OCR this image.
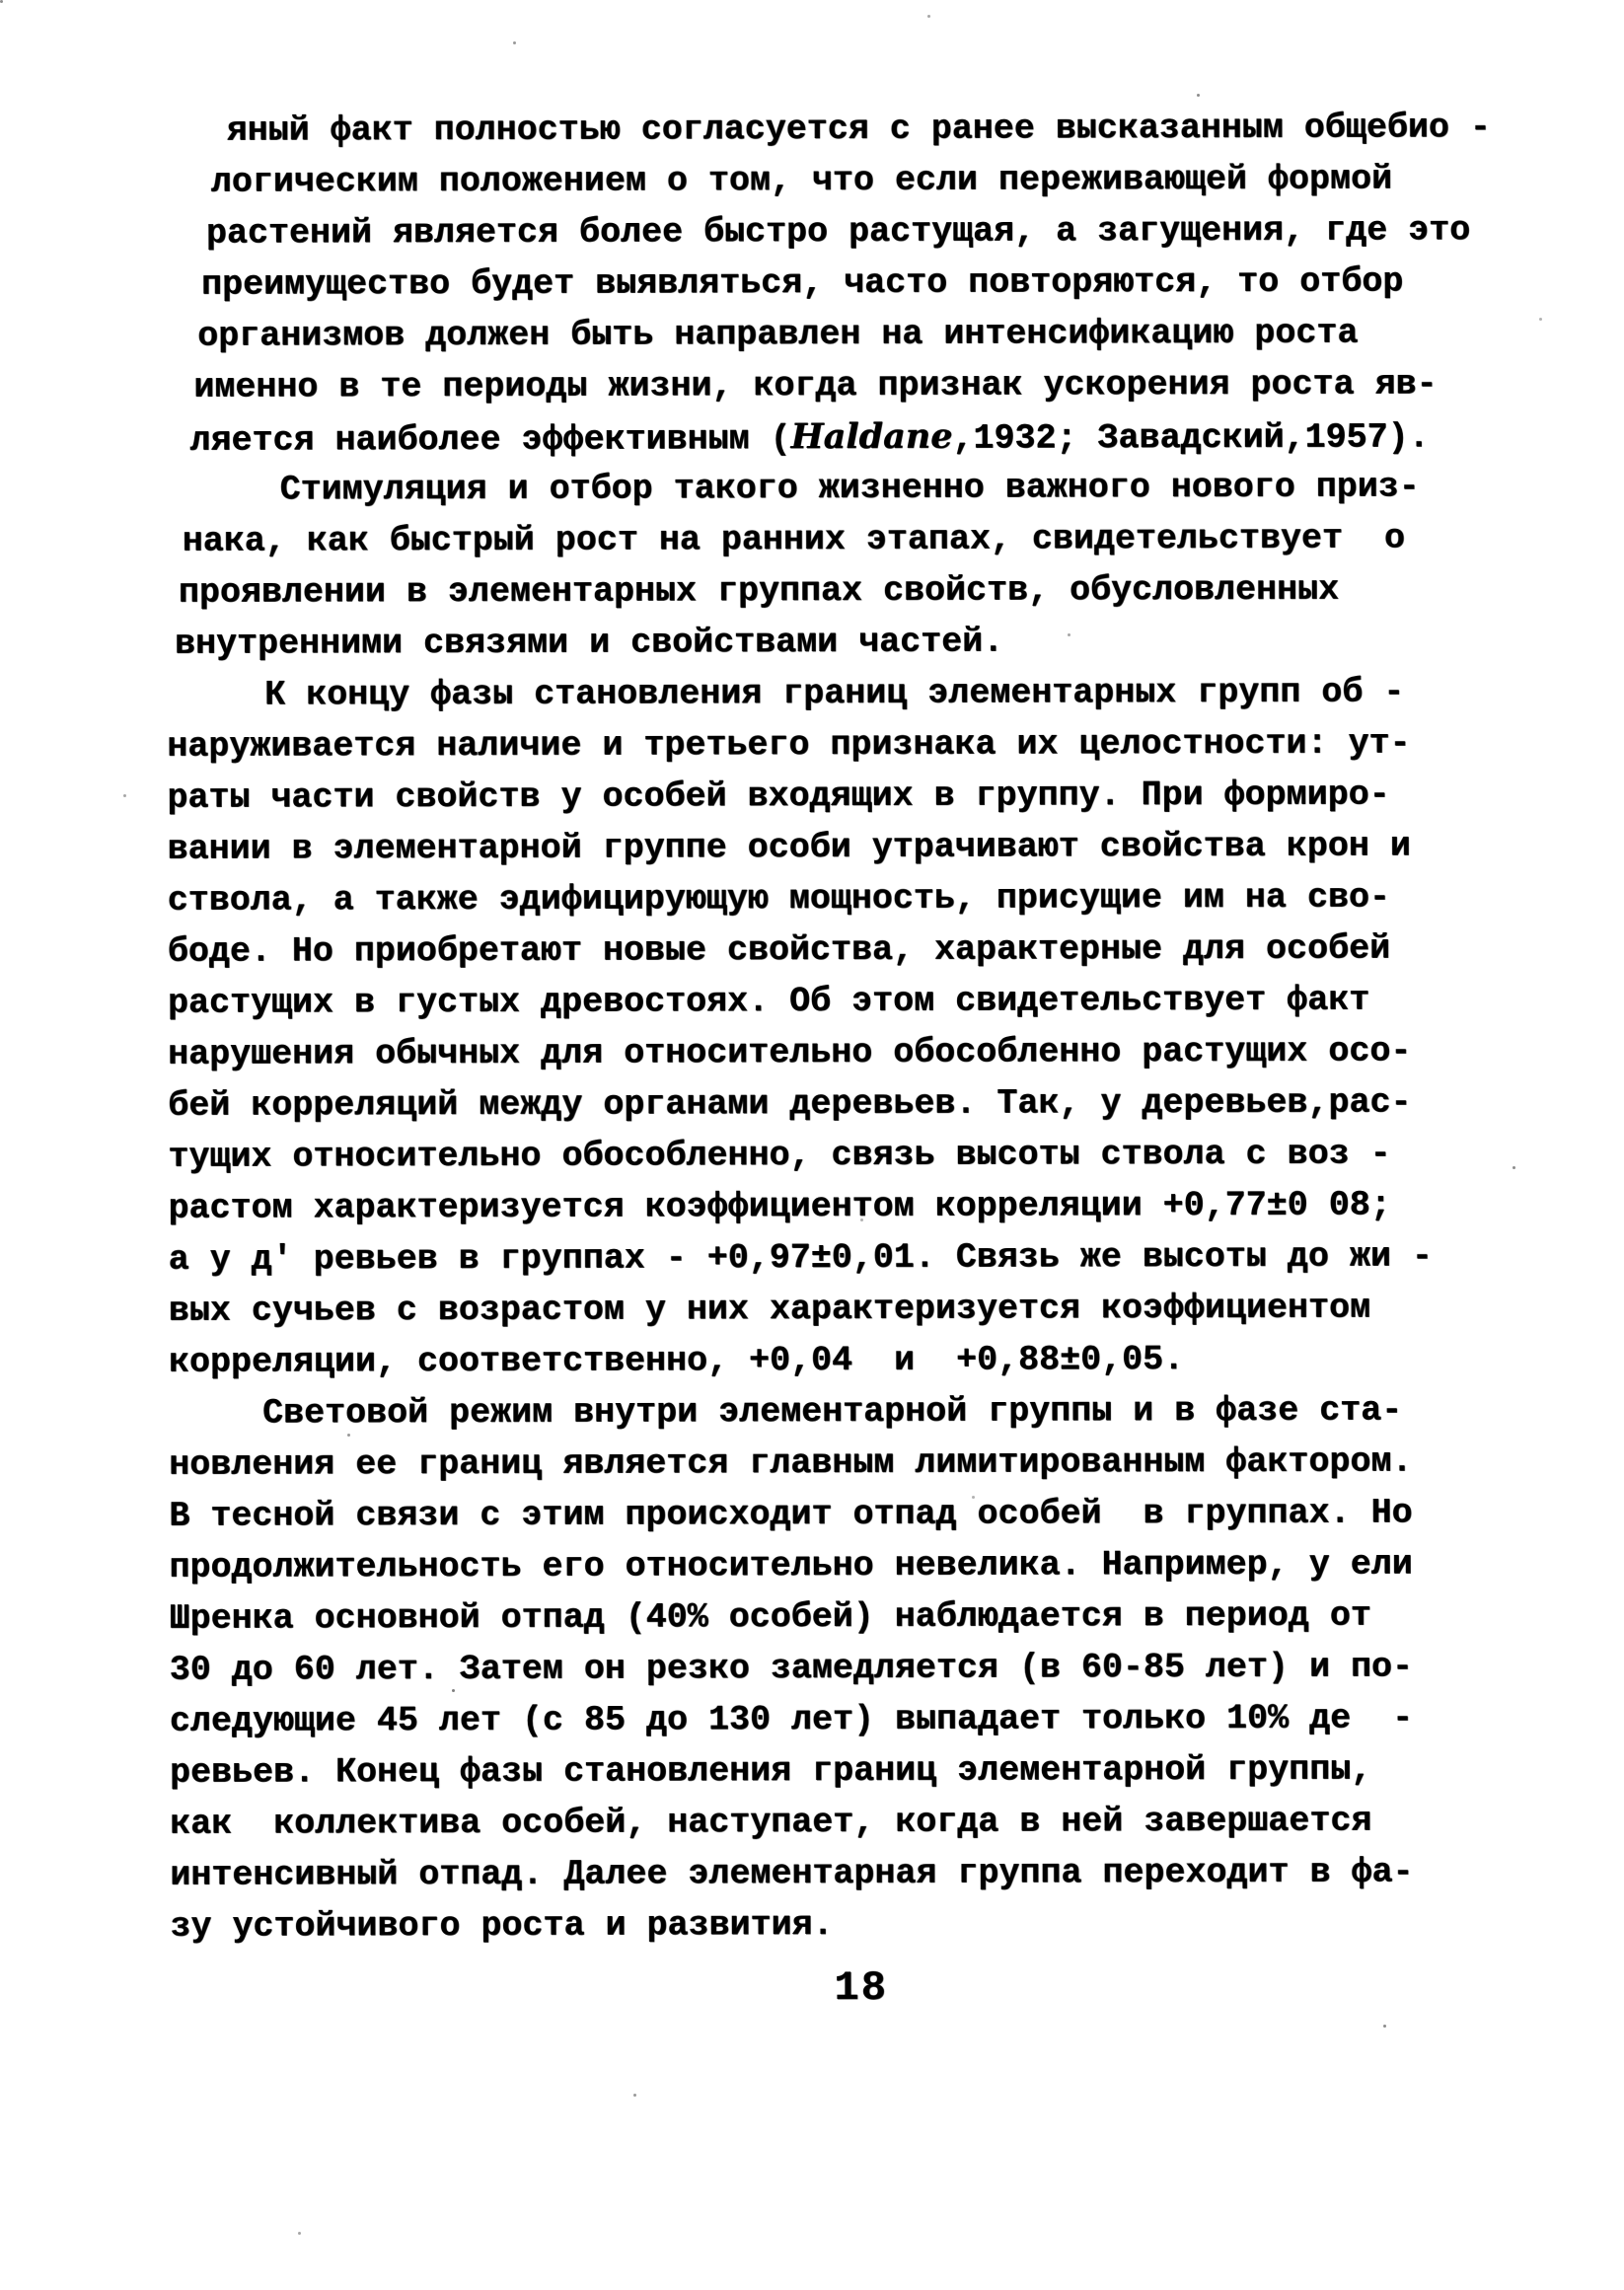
яный факт полностью согласуется с ранее высказанным общебио -
логическим положением о том, что если переживающей формой
растений является более быстро растущая, а загущения, где это
преимущество будет выявляться, часто повторяются, то отбор
организмов должен быть направлен на интенсификацию роста
именно в те периоды жизни, когда признак ускорения роста яв-
ляется наиболее эффективным (Haldane,1932; Завадский,1957).
Стимуляция и отбор такого жизненно важного нового приз-
нака, как быстрый рост на ранних этапах, свидетельствует  о
проявлении в элементарных группах свойств, обусловленных
внутренними связями и свойствами частей.
К концу фазы становления границ элементарных групп об -
наруживается наличие и третьего признака их целостности: ут-
раты части свойств у особей входящих в группу. При формиро-
вании в элементарной группе особи утрачивают свойства крон и
ствола, а также эдифицирующую мощность, присущие им на сво-
боде. Но приобретают новые свойства, характерные для особей
растущих в густых древостоях. Об этом свидетельствует факт
нарушения обычных для относительно обособленно растущих осо-
бей корреляций между органами деревьев. Так, у деревьев,рас-
тущих относительно обособленно, связь высоты ствола с воз -
растом характеризуется коэффициентом корреляции +0,77±0 08;
а у д' ревьев в группах - +0,97±0,01. Связь же высоты до жи -
вых сучьев с возрастом у них характеризуется коэффициентом
корреляции, соответственно, +0,04  и  +0,88±0,05.
Световой режим внутри элементарной группы и в фазе ста-
новления ее границ является главным лимитированным фактором.
В тесной связи с этим происходит отпад особей  в группах. Но
продолжительность его относительно невелика. Например, у ели
Шренка основной отпад (40% особей) наблюдается в период от
30 до 60 лет. Затем он резко замедляется (в 60-85 лет) и по-
следующие 45 лет (с 85 до 130 лет) выпадает только 10% де  -
ревьев. Конец фазы становления границ элементарной группы,
как  коллектива особей, наступает, когда в ней завершается
интенсивный отпад. Далее элементарная группа переходит в фа-
зу устойчивого роста и развития.
18
